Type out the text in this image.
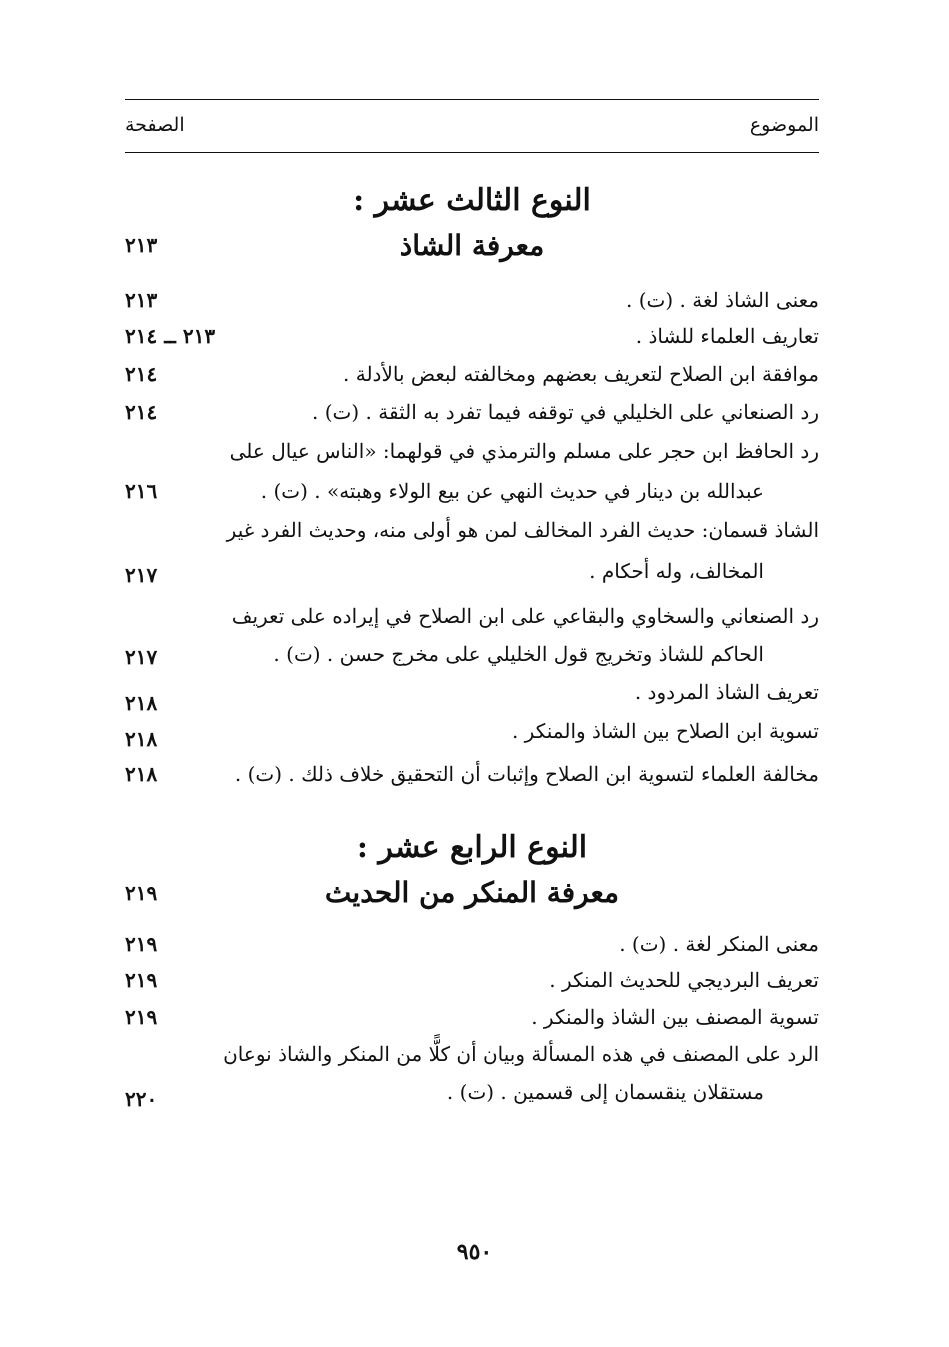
الموضوع
الصفحة
النوع الثالث عشر :
معرفة الشاذ
٢١٣
معنى الشاذ لغة . (ت) .
٢١٣
تعاريف العلماء للشاذ .
٢١٣ ــ ٢١٤
موافقة ابن الصلاح لتعريف بعضهم ومخالفته لبعض بالأدلة .
٢١٤
رد الصنعاني على الخليلي في توقفه فيما تفرد به الثقة . (ت) .
٢١٤
رد الحافظ ابن حجر على مسلم والترمذي في قولهما: «الناس عيال على
عبدالله بن دينار في حديث النهي عن بيع الولاء وهبته» . (ت) .
٢١٦
الشاذ قسمان: حديث الفرد المخالف لمن هو أولى منه، وحديث الفرد غير
المخالف، وله أحكام .
٢١٧
رد الصنعاني والسخاوي والبقاعي على ابن الصلاح في إيراده على تعريف
الحاكم للشاذ وتخريج قول الخليلي على مخرج حسن . (ت) .
٢١٧
تعريف الشاذ المردود .
٢١٨
تسوية ابن الصلاح بين الشاذ والمنكر .
٢١٨
مخالفة العلماء لتسوية ابن الصلاح وإثبات أن التحقيق خلاف ذلك . (ت) .
٢١٨
النوع الرابع عشر :
معرفة المنكر من الحديث
٢١٩
معنى المنكر لغة . (ت) .
٢١٩
تعريف البرديجي للحديث المنكر .
٢١٩
تسوية المصنف بين الشاذ والمنكر .
٢١٩
الرد على المصنف في هذه المسألة وبيان أن كلًّا من المنكر والشاذ نوعان
مستقلان ينقسمان إلى قسمين . (ت) .
٢٢٠
٩٥٠
